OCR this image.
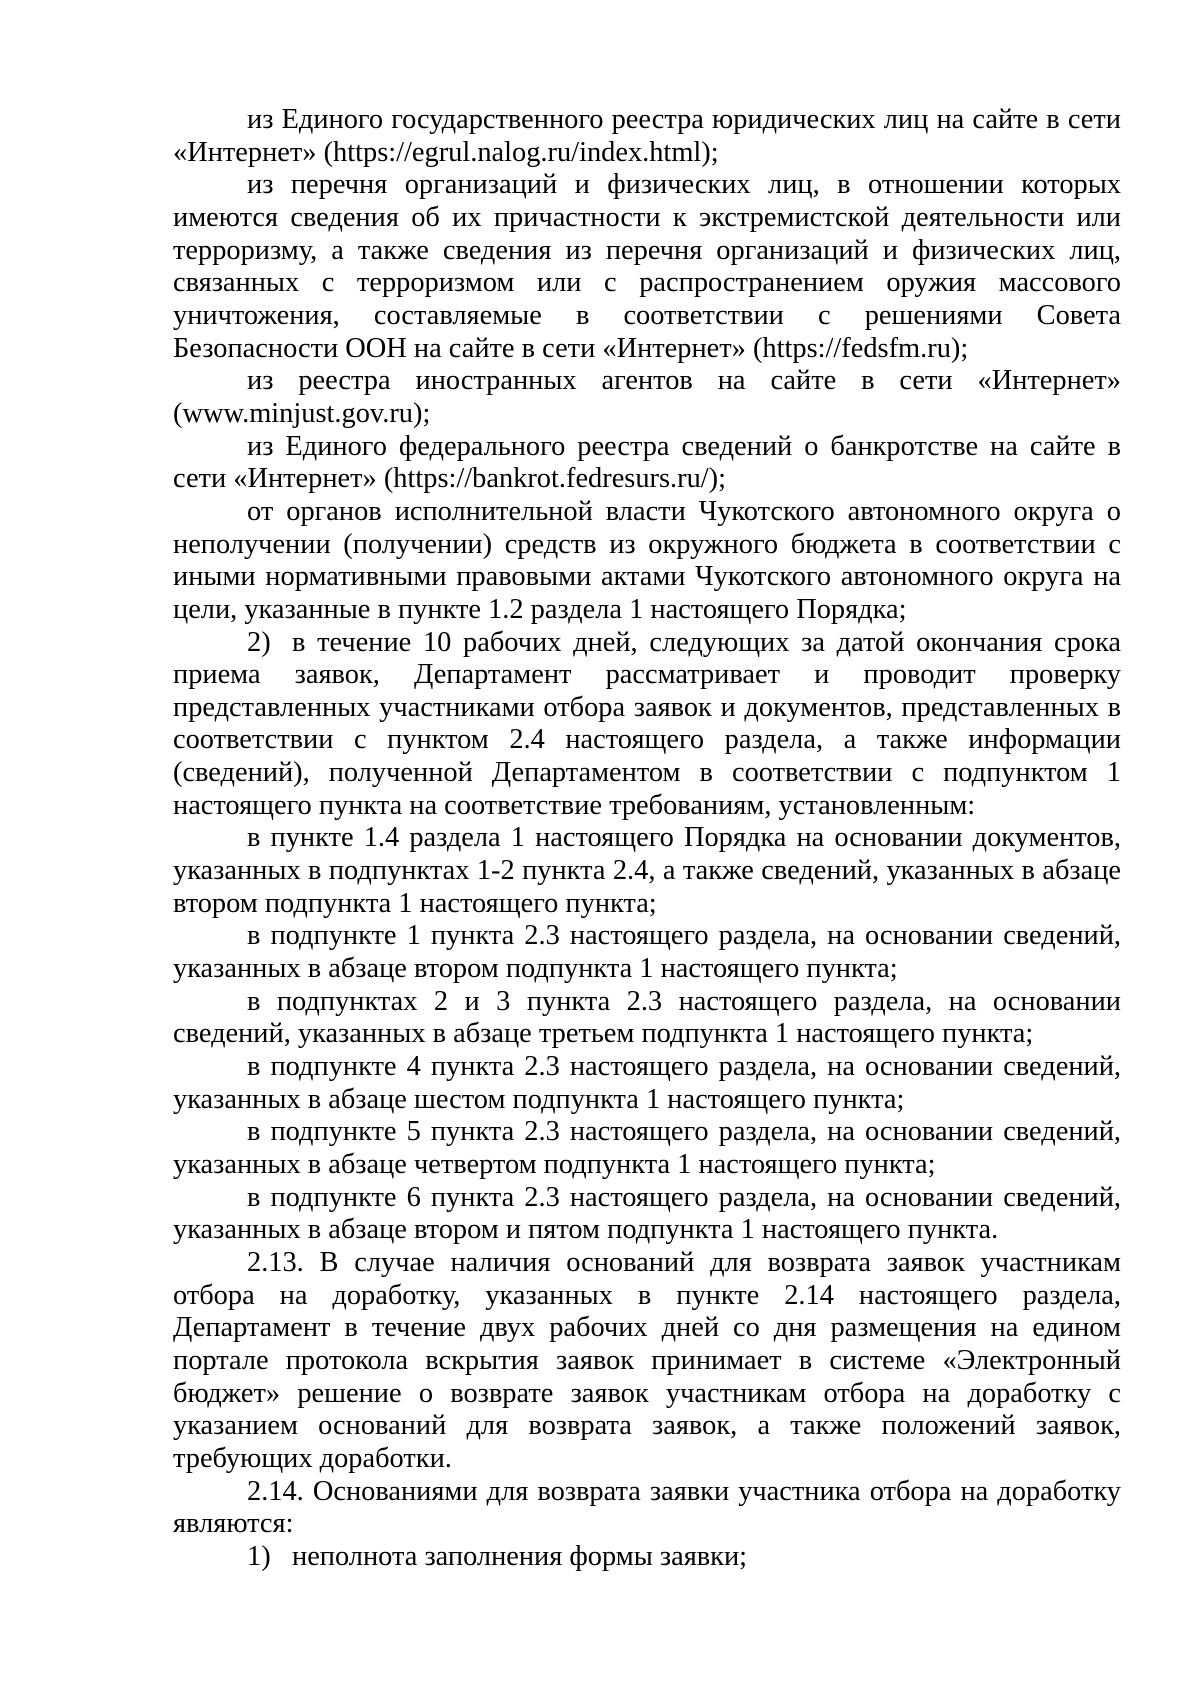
из Единого государственного реестра юридических лиц на сайте в сети «Интернет» (https://egrul.nalog.ru/index.html);

из перечня организаций и физических лиц, в отношении которых имеются сведения об их причастности к экстремистской деятельности или терроризму, а также сведения из перечня организаций и физических лиц, связанных с терроризмом или с распространением оружия массового уничтожения, составляемые в соответствии с решениями Совета Безопасности ООН на сайте в сети «Интернет» (https://fedsfm.ru);

из реестра иностранных агентов на сайте в сети «Интернет» (www.minjust.gov.ru);

из Единого федерального реестра сведений о банкротстве на сайте в сети «Интернет» (https://bankrot.fedresurs.ru/);

от органов исполнительной власти Чукотского автономного округа о неполучении (получении) средств из окружного бюджета в соответствии с иными нормативными правовыми актами Чукотского автономного округа на цели, указанные в пункте 1.2 раздела 1 настоящего Порядка;

2) в течение 10 рабочих дней, следующих за датой окончания срока приема заявок, Департамент рассматривает и проводит проверку представленных участниками отбора заявок и документов, представленных в соответствии с пунктом 2.4 настоящего раздела, а также информации (сведений), полученной Департаментом в соответствии с подпунктом 1 настоящего пункта на соответствие требованиям, установленным:

в пункте 1.4 раздела 1 настоящего Порядка на основании документов, указанных в подпунктах 1-2 пункта 2.4, а также сведений, указанных в абзаце втором подпункта 1 настоящего пункта;

в подпункте 1 пункта 2.3 настоящего раздела, на основании сведений, указанных в абзаце втором подпункта 1 настоящего пункта;

в подпунктах 2 и 3 пункта 2.3 настоящего раздела, на основании сведений, указанных в абзаце третьем подпункта 1 настоящего пункта;

в подпункте 4 пункта 2.3 настоящего раздела, на основании сведений, указанных в абзаце шестом подпункта 1 настоящего пункта;

в подпункте 5 пункта 2.3 настоящего раздела, на основании сведений, указанных в абзаце четвертом подпункта 1 настоящего пункта;

в подпункте 6 пункта 2.3 настоящего раздела, на основании сведений, указанных в абзаце втором и пятом подпункта 1 настоящего пункта.

2.13. В случае наличия оснований для возврата заявок участникам отбора на доработку, указанных в пункте 2.14 настоящего раздела, Департамент в течение двух рабочих дней со дня размещения на едином портале протокола вскрытия заявок принимает в системе «Электронный бюджет» решение о возврате заявок участникам отбора на доработку с указанием оснований для возврата заявок, а также положений заявок, требующих доработки.

2.14. Основаниями для возврата заявки участника отбора на доработку являются:

1) неполнота заполнения формы заявки;
